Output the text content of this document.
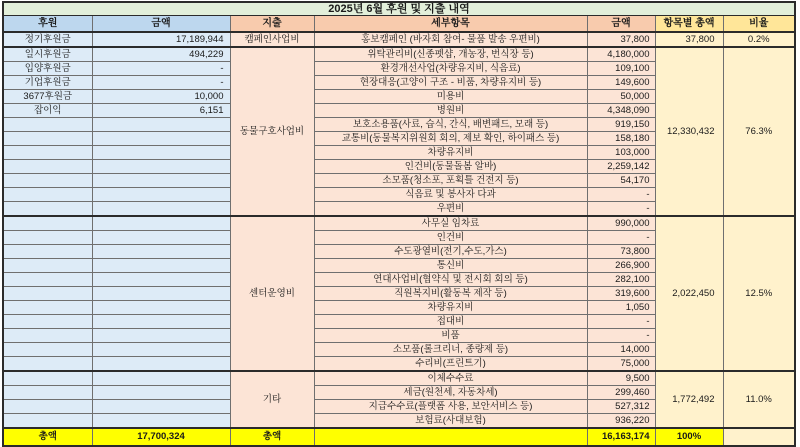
2025년 6월 후원 및 지출 내역						
후원	금액	지출	세부항목	금액	항목별 총액	비율
정기후원금	17,189,944	캠페인사업비	홍보캠페인 (바자회 참여- 물품 발송 우편비)	37,800	37,800	0.2%
일시후원금	494,229	동물구호사업비	위탁관리비(신종펫샵, 개농장, 번식장 등)	4,180,000	12,330,432	76.3%
입양후원금	-		환경개선사업(차량유지비, 식음료)	109,100		
기업후원금	-		현장대응(고양이 구조 - 비품, 차량유지비 등)	149,600		
3677후원금	10,000		미용비	50,000		
잡이익	6,151		병원비	4,348,090		
			보호소용품(사료, 습식, 간식, 배변패드, 모래 등)	919,150		
			교통비(동물복지위원회 회의, 제보 확인, 하이패스 등)	158,180		
			차량유지비	103,000		
			인건비(동물돌봄 알바)	2,259,142		
			소모품(청소포, 포획틀 건전지 등)	54,170		
			식음료 및 봉사자 다과	-		
			우편비	-		
		센터운영비	사무실 임차료	990,000	2,022,450	12.5%
			인건비	-		
			수도광열비(전기,수도,가스)	73,800		
			통신비	266,900		
			연대사업비(협약식 및 전시회 회의 등)	282,100		
			직원복지비(활동복 제작 등)	319,600		
			차량유지비	1,050		
			접대비	-		
			비품	-		
			소모품(롤크리너, 종량제 등)	14,000		
			수리비(프린트기)	75,000		
		기타	이체수수료	9,500	1,772,492	11.0%
			세금(원천세, 자동차세)	299,460		
			지급수수료(플랫폼 사용, 보안서비스 등)	527,312		
			보험료(사대보험)	936,220		
총액	17,700,324	총액		16,163,174	100%	
